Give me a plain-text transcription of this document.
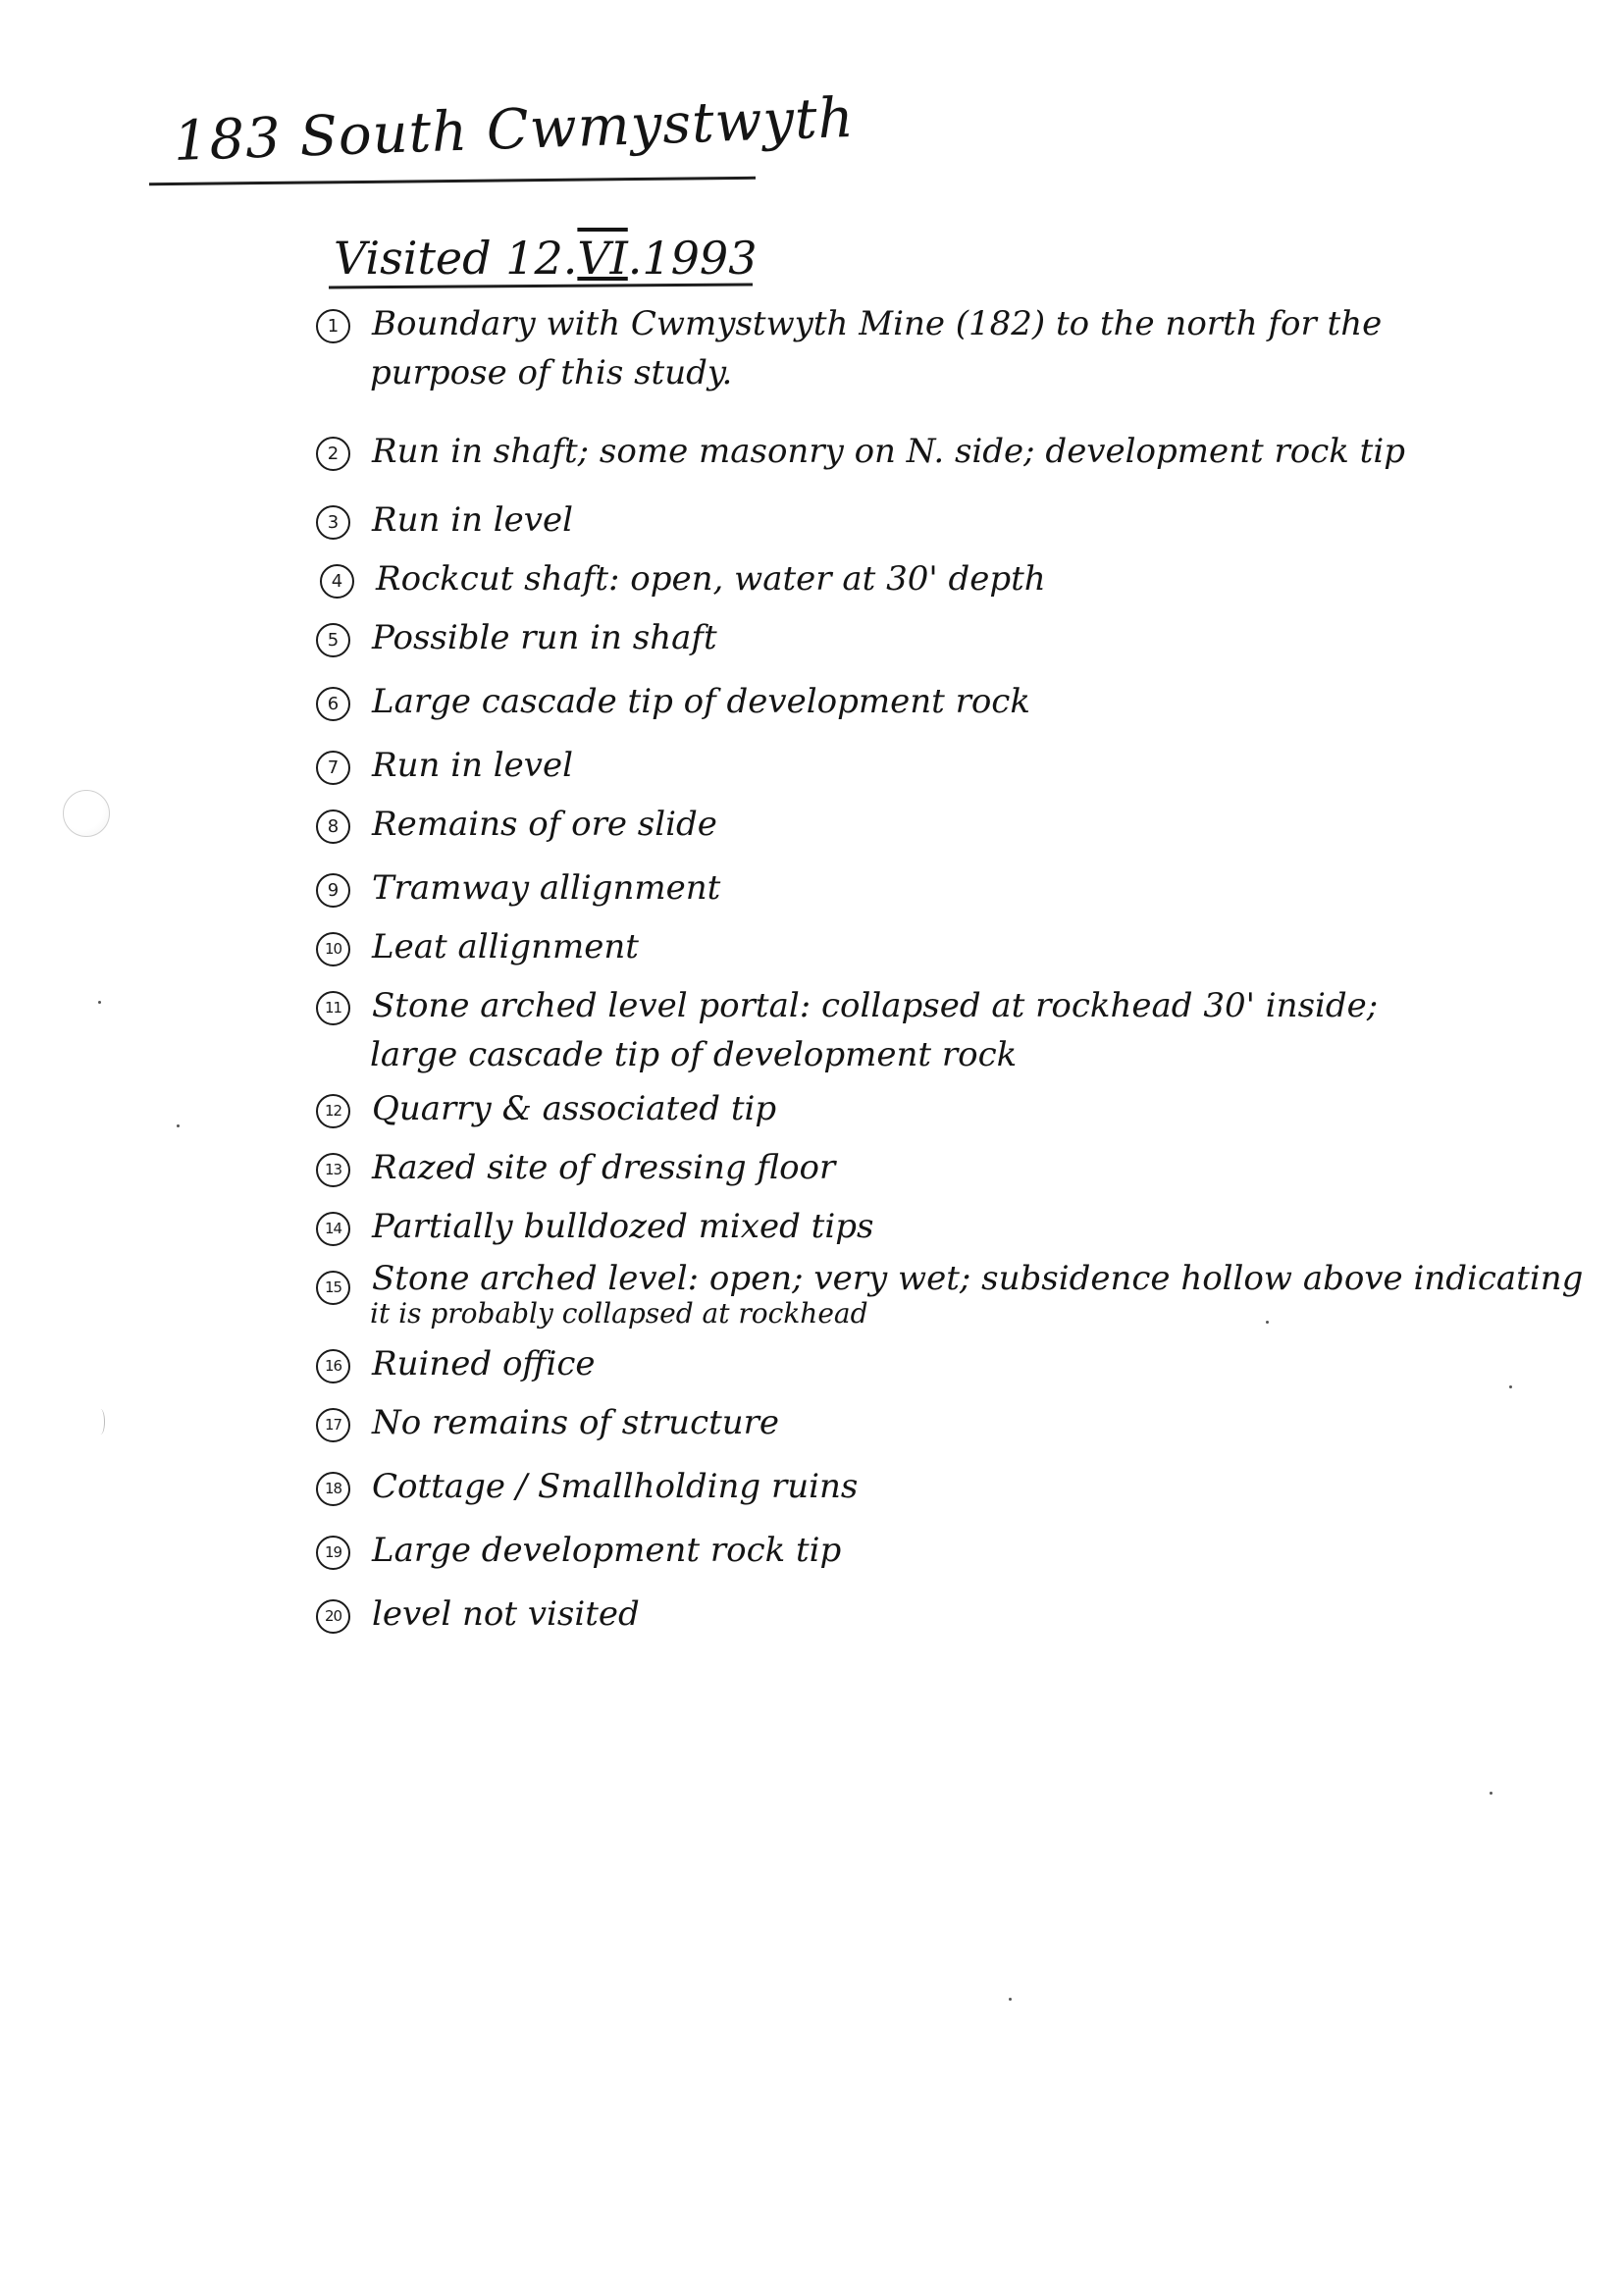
183 South Cwmystwyth
Visited 12.VI.1993
1 Boundary with Cwmystwyth Mine (182) to the north for the
purpose of this study.
2 Run in shaft; some masonry on N. side; development rock tip
3 Run in level
4 Rockcut shaft: open, water at 30' depth
5 Possible run in shaft
6 Large cascade tip of development rock
7 Run in level
8 Remains of ore slide
9 Tramway allignment
10 Leat allignment
11 Stone arched level portal: collapsed at rockhead 30' inside;
large cascade tip of development rock
12 Quarry & associated tip
13 Razed site of dressing floor
14 Partially bulldozed mixed tips
15 Stone arched level: open; very wet; subsidence hollow above indicating
it is probably collapsed at rockhead
16 Ruined office
17 No remains of structure
18 Cottage / Smallholding ruins
19 Large development rock tip
20 level not visited
